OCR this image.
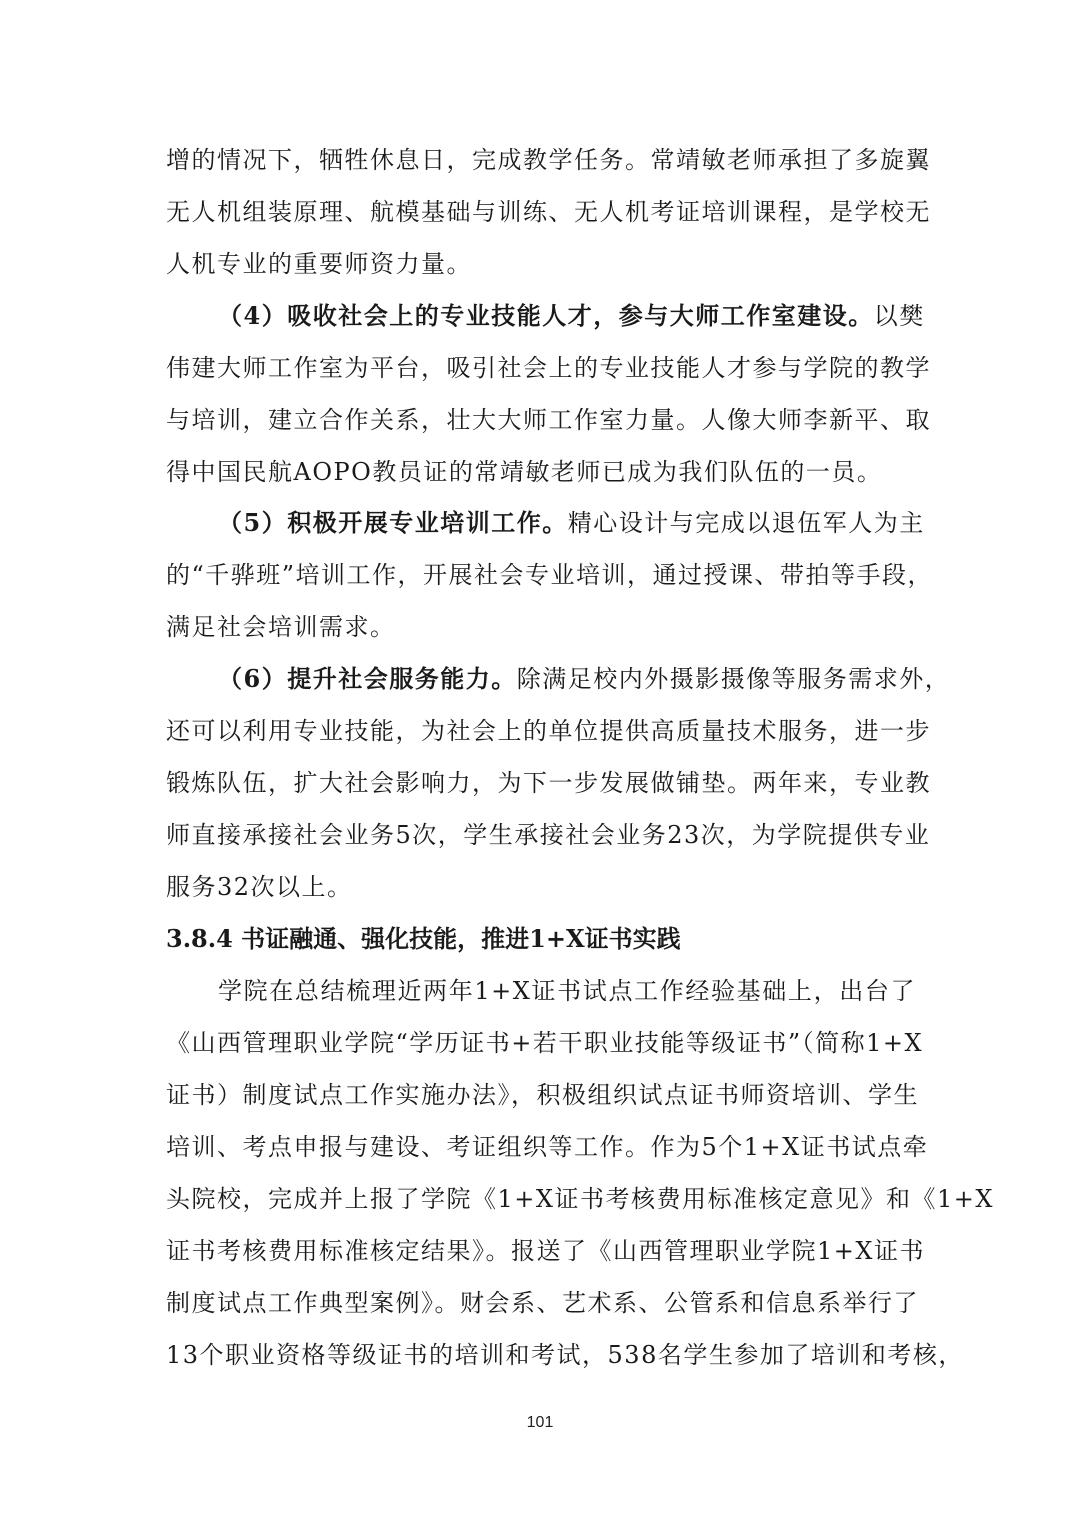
增的情况下，牺牲休息日，完成教学任务。常靖敏老师承担了多旋翼
无人机组装原理、航模基础与训练、无人机考证培训课程，是学校无
人机专业的重要师资力量。
（4）吸收社会上的专业技能人才，参与大师工作室建设。以樊
伟建大师工作室为平台，吸引社会上的专业技能人才参与学院的教学
与培训，建立合作关系，壮大大师工作室力量。人像大师李新平、取
得中国民航AOPO教员证的常靖敏老师已成为我们队伍的一员。
（5）积极开展专业培训工作。精心设计与完成以退伍军人为主
的“千骅班”培训工作，开展社会专业培训，通过授课、带拍等手段，
满足社会培训需求。
（6）提升社会服务能力。除满足校内外摄影摄像等服务需求外，
还可以利用专业技能，为社会上的单位提供高质量技术服务，进一步
锻炼队伍，扩大社会影响力，为下一步发展做铺垫。两年来，专业教
师直接承接社会业务5次，学生承接社会业务23次，为学院提供专业
服务32次以上。
3.8.4 书证融通、强化技能，推进1+X证书实践
学院在总结梳理近两年1+X证书试点工作经验基础上，出台了
《山西管理职业学院“学历证书+若干职业技能等级证书”（简称1+X
证书）制度试点工作实施办法》，积极组织试点证书师资培训、学生
培训、考点申报与建设、考证组织等工作。作为5个1+X证书试点牵
头院校，完成并上报了学院《1+X证书考核费用标准核定意见》和《1+X
证书考核费用标准核定结果》。报送了《山西管理职业学院1+X证书
制度试点工作典型案例》。财会系、艺术系、公管系和信息系举行了
13个职业资格等级证书的培训和考试，538名学生参加了培训和考核，
101
